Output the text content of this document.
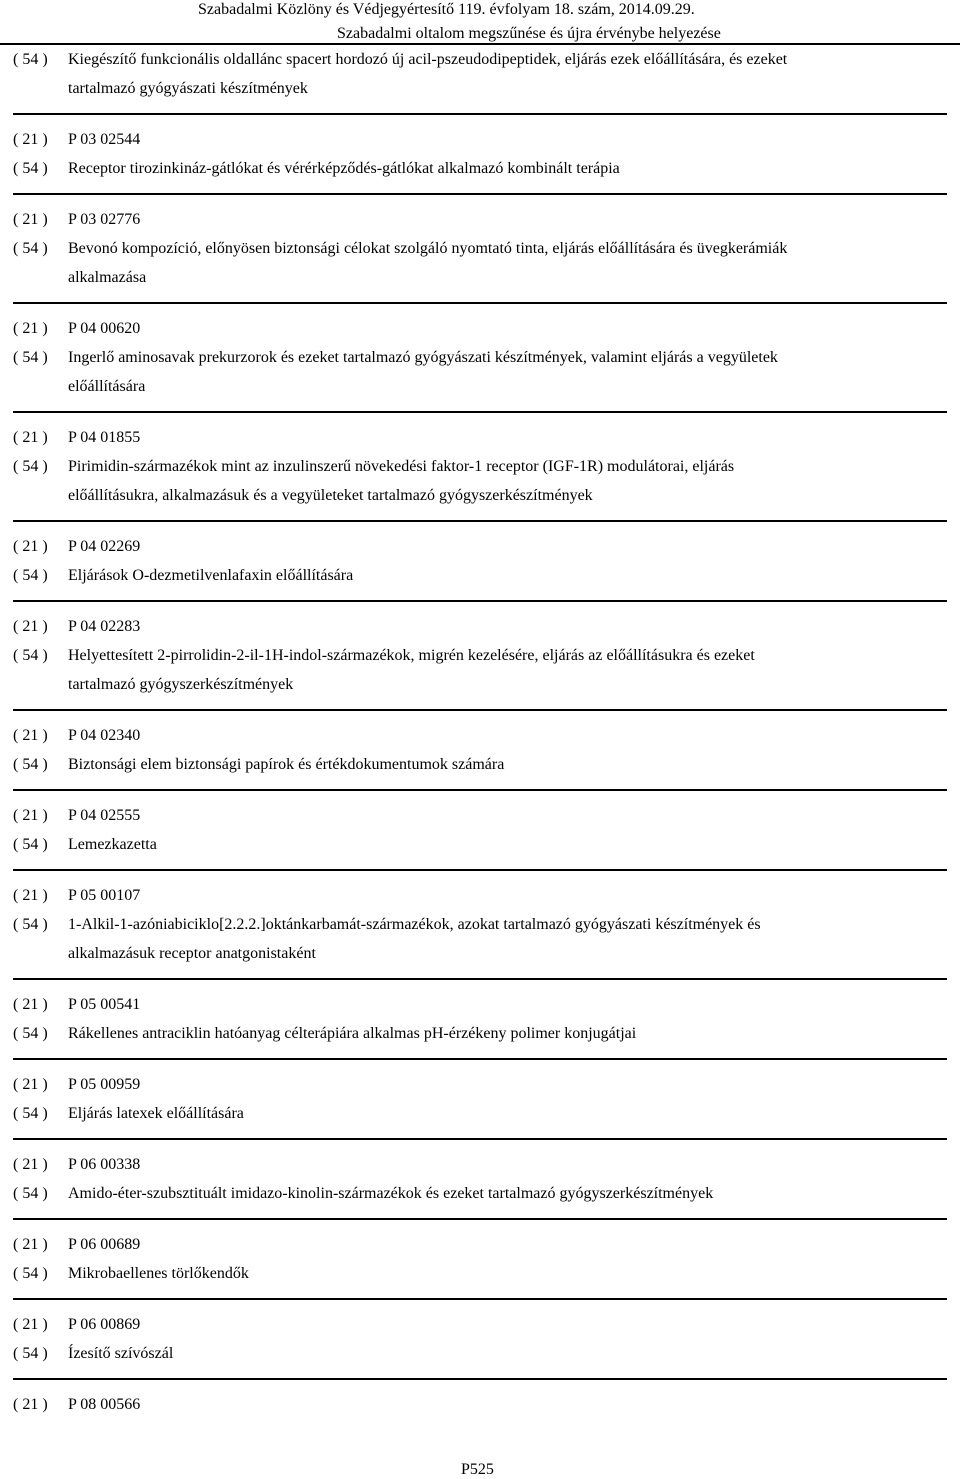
Szabadalmi Közlöny és Védjegyértesítő 119. évfolyam 18. szám, 2014.09.29.
Szabadalmi oltalom megszűnése és újra érvénybe helyezése
( 54 )	Kiegészítő funkcionális oldallánc spacert hordozó új acil-pszeudodipeptidek, eljárás ezek előállítására, és ezeket
tartalmazó gyógyászati készítmények
( 21 )	P 03 02544
( 54 )	Receptor tirozinkináz-gátlókat és vérérképződés-gátlókat alkalmazó kombinált terápia
( 21 )	P 03 02776
( 54 )	Bevonó kompozíció, előnyösen biztonsági célokat szolgáló nyomtató tinta, eljárás előállítására és üvegkerámiák
alkalmazása
( 21 )	P 04 00620
( 54 )	Ingerlő aminosavak prekurzorok és ezeket tartalmazó gyógyászati készítmények, valamint eljárás a vegyületek
előállítására
( 21 )	P 04 01855
( 54 )	Pirimidin-származékok mint az inzulinszerű növekedési faktor-1 receptor (IGF-1R) modulátorai, eljárás
előállításukra, alkalmazásuk és a vegyületeket tartalmazó gyógyszerkészítmények
( 21 )	P 04 02269
( 54 )	Eljárások O-dezmetilvenlafaxin előállítására
( 21 )	P 04 02283
( 54 )	Helyettesített 2-pirrolidin-2-il-1H-indol-származékok, migrén kezelésére, eljárás az előállításukra és ezeket
tartalmazó gyógyszerkészítmények
( 21 )	P 04 02340
( 54 )	Biztonsági elem biztonsági papírok és értékdokumentumok számára
( 21 )	P 04 02555
( 54 )	Lemezkazetta
( 21 )	P 05 00107
( 54 )	1-Alkil-1-azóniabiciklo[2.2.2.]oktánkarbamát-származékok, azokat tartalmazó gyógyászati készítmények és
alkalmazásuk receptor anatgonistaként
( 21 )	P 05 00541
( 54 )	Rákellenes antraciklin hatóanyag célterápiára alkalmas pH-érzékeny polimer konjugátjai
( 21 )	P 05 00959
( 54 )	Eljárás latexek előállítására
( 21 )	P 06 00338
( 54 )	Amido-éter-szubsztituált imidazo-kinolin-származékok és ezeket tartalmazó gyógyszerkészítmények
( 21 )	P 06 00689
( 54 )	Mikrobaellenes törlőkendők
( 21 )	P 06 00869
( 54 )	Ízesítő szívószál
( 21 )	P 08 00566
P525
